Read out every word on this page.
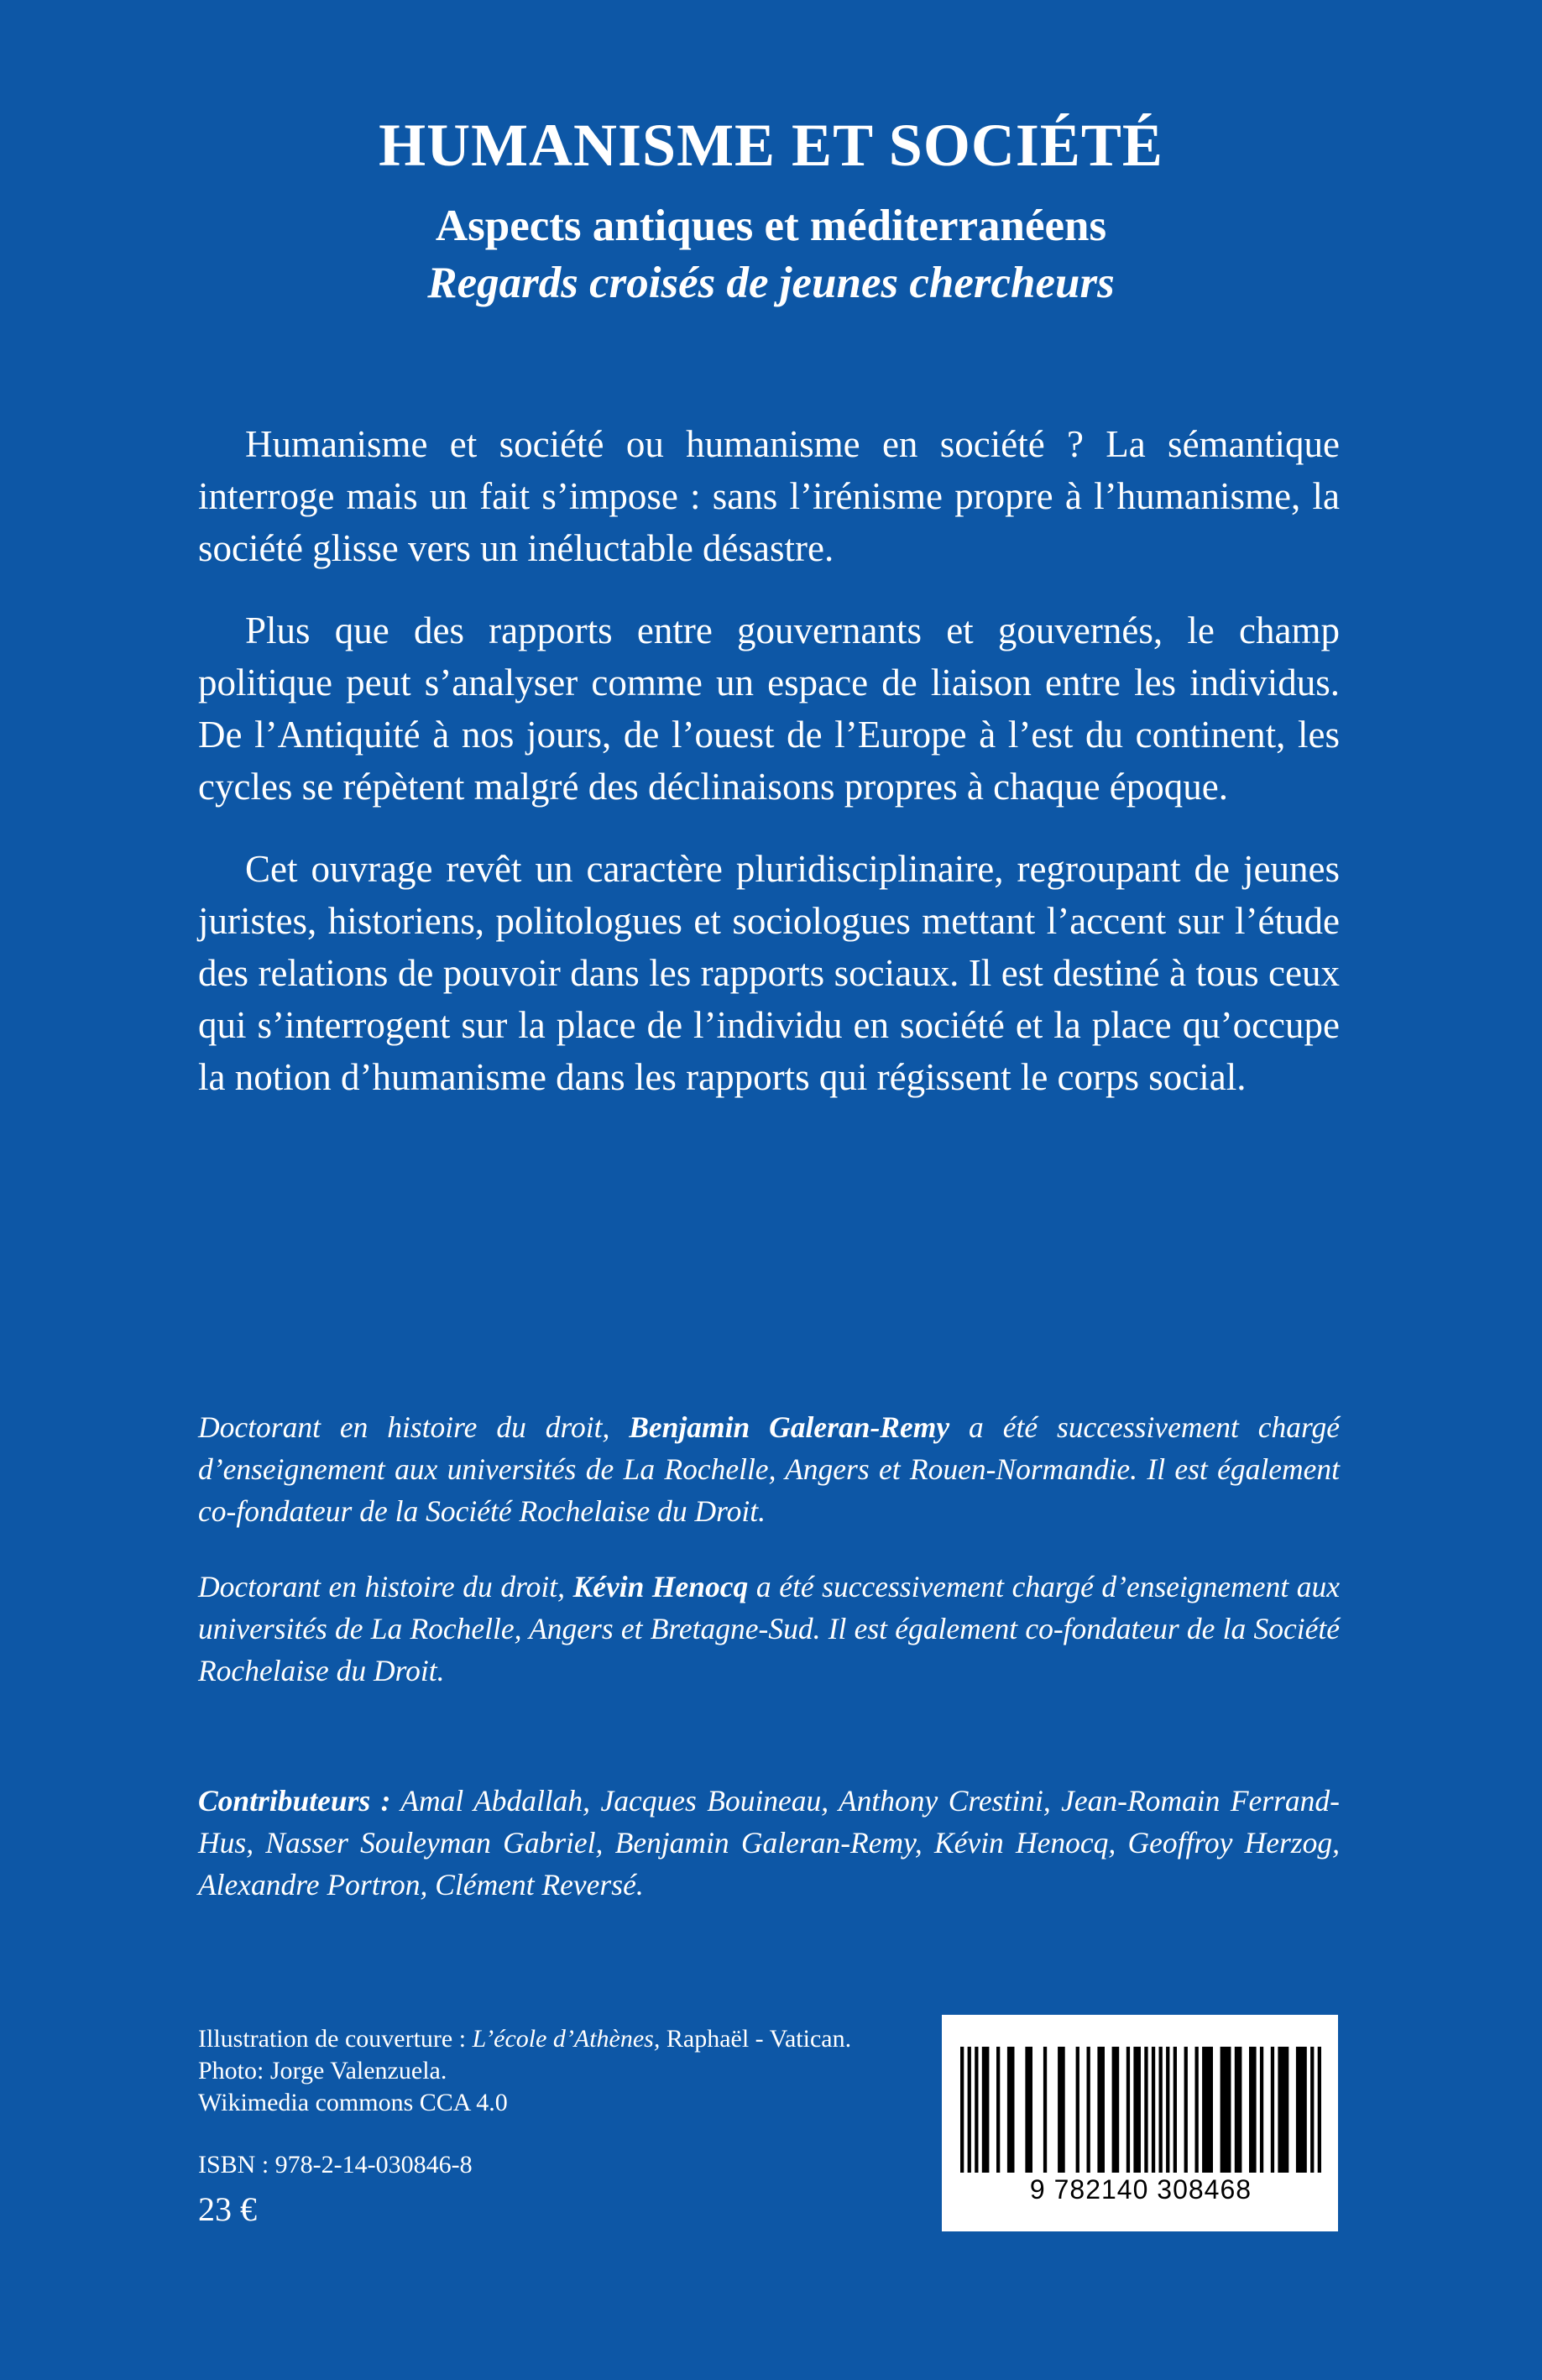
HUMANISME ET SOCIÉTÉ
Aspects antiques et méditerranéens
Regards croisés de jeunes chercheurs

Humanisme et société ou humanisme en société ? La sémantique interroge mais un fait s’impose : sans l’irénisme propre à l’humanisme, la société glisse vers un inéluctable désastre.

Plus que des rapports entre gouvernants et gouvernés, le champ politique peut s’analyser comme un espace de liaison entre les individus. De l’Antiquité à nos jours, de l’ouest de l’Europe à l’est du continent, les cycles se répètent malgré des déclinaisons propres à chaque époque.

Cet ouvrage revêt un caractère pluridisciplinaire, regroupant de jeunes juristes, historiens, politologues et sociologues mettant l’accent sur l’étude des relations de pouvoir dans les rapports sociaux. Il est destiné à tous ceux qui s’interrogent sur la place de l’individu en société et la place qu’occupe la notion d’humanisme dans les rapports qui régissent le corps social.

Doctorant en histoire du droit, Benjamin Galeran-Remy a été successivement chargé d’enseignement aux universités de La Rochelle, Angers et Rouen-Normandie. Il est également co-fondateur de la Société Rochelaise du Droit.

Doctorant en histoire du droit, Kévin Henocq a été successivement chargé d’enseignement aux universités de La Rochelle, Angers et Bretagne-Sud. Il est également co-fondateur de la Société Rochelaise du Droit.

Contributeurs : Amal Abdallah, Jacques Bouineau, Anthony Crestini, Jean-Romain Ferrand-Hus, Nasser Souleyman Gabriel, Benjamin Galeran-Remy, Kévin Henocq, Geoffroy Herzog, Alexandre Portron, Clément Reversé.

Illustration de couverture : L’école d’Athènes, Raphaël - Vatican. Photo: Jorge Valenzuela.

Wikimedia commons CCA 4.0

ISBN : 978-2-14-030846-8

23 €

9 782140 308468
